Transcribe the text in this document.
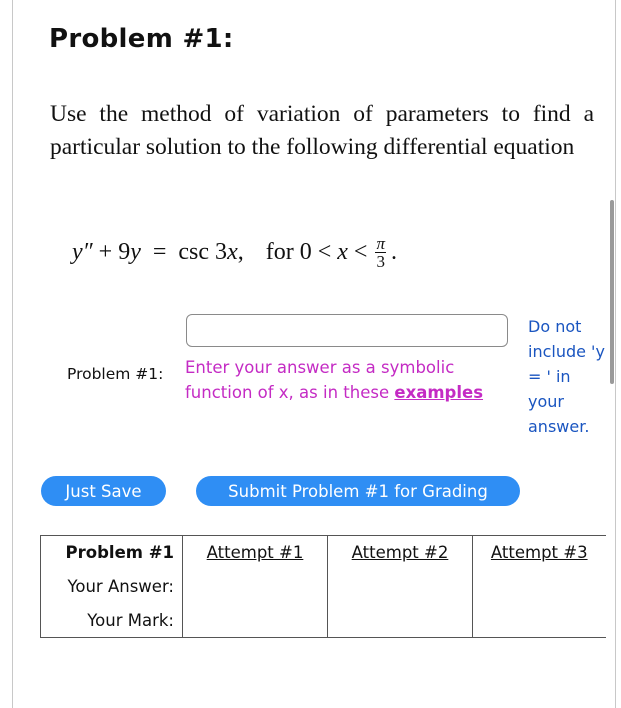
Problem #1:
Use the method of variation of parameters to find a particular solution to the following differential equation
y″ + 9 y = csc 3 x , for $0 < x < \frac{\pi}{3}$ .
Problem #1: Enter your answer as a symbolic function of x, as in these examples
Do not include 'y = ' in your answer.
Just Save	Submit Problem #1 for Grading
Problem #1	Attempt #1	Attempt #2	Attempt #3
Your Answer:			
Your Mark:			
